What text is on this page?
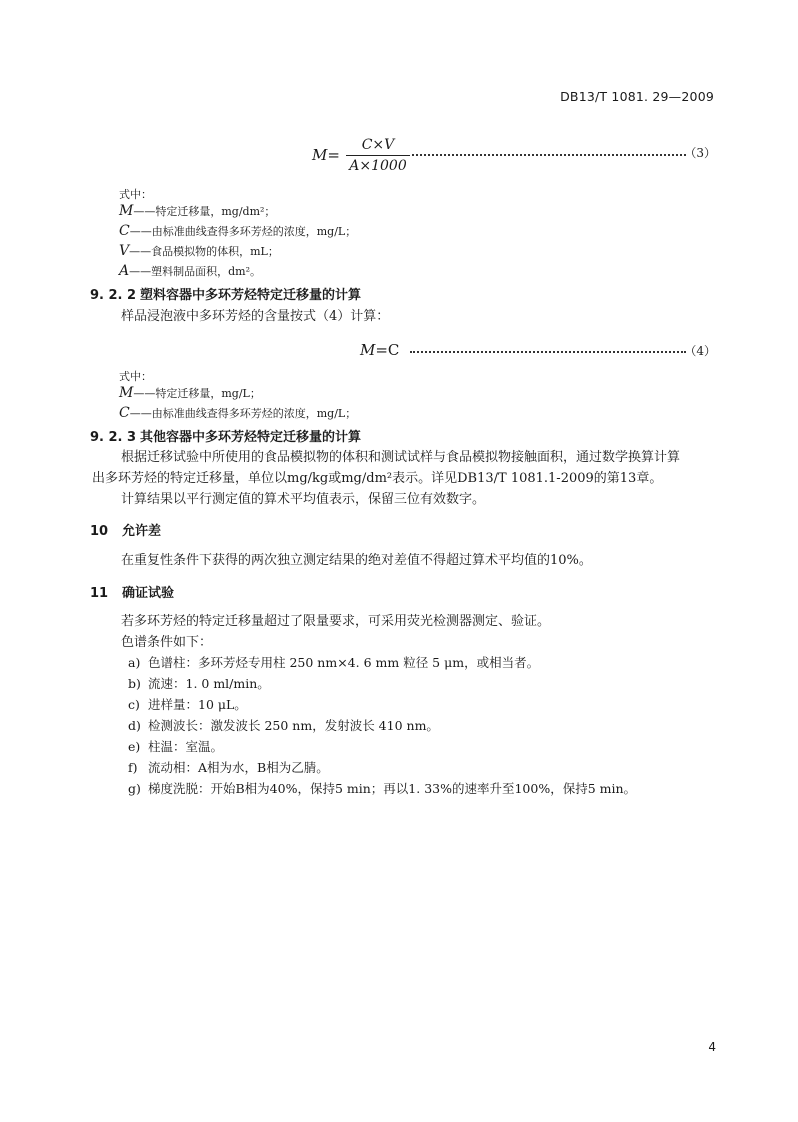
DB13/T 1081. 29—2009
M=
C×V
A×1000
（3）
式中：
M——特定迁移量，mg/dm²；
C——由标准曲线查得多环芳烃的浓度，mg/L；
V——食品模拟物的体积，mL；
A——塑料制品面积，dm²。
9. 2. 2 塑料容器中多环芳烃特定迁移量的计算
样品浸泡液中多环芳烃的含量按式（4）计算：
M=C	（4）
式中：
M——特定迁移量，mg/L；
C——由标准曲线查得多环芳烃的浓度，mg/L；
9. 2. 3 其他容器中多环芳烃特定迁移量的计算
根据迁移试验中所使用的食品模拟物的体积和测试试样与食品模拟物接触面积，通过数学换算计算
出多环芳烃的特定迁移量，单位以mg/kg或mg/dm²表示。详见DB13/T 1081.1-2009的第13章。
计算结果以平行测定值的算术平均值表示，保留三位有效数字。
10 允许差
在重复性条件下获得的两次独立测定结果的绝对差值不得超过算术平均值的10%。
11 确证试验
若多环芳烃的特定迁移量超过了限量要求，可采用荧光检测器测定、验证。
色谱条件如下：
a) 色谱柱：多环芳烃专用柱 250 nm×4. 6 mm 粒径 5 μm，或相当者。
b) 流速：1. 0 ml/min。
c) 进样量：10 μL。
d) 检测波长：激发波长 250 nm，发射波长 410 nm。
e) 柱温：室温。
f) 流动相：A相为水，B相为乙腈。
g) 梯度洗脱：开始B相为40%，保持5 min；再以1. 33%的速率升至100%，保持5 min。
4
